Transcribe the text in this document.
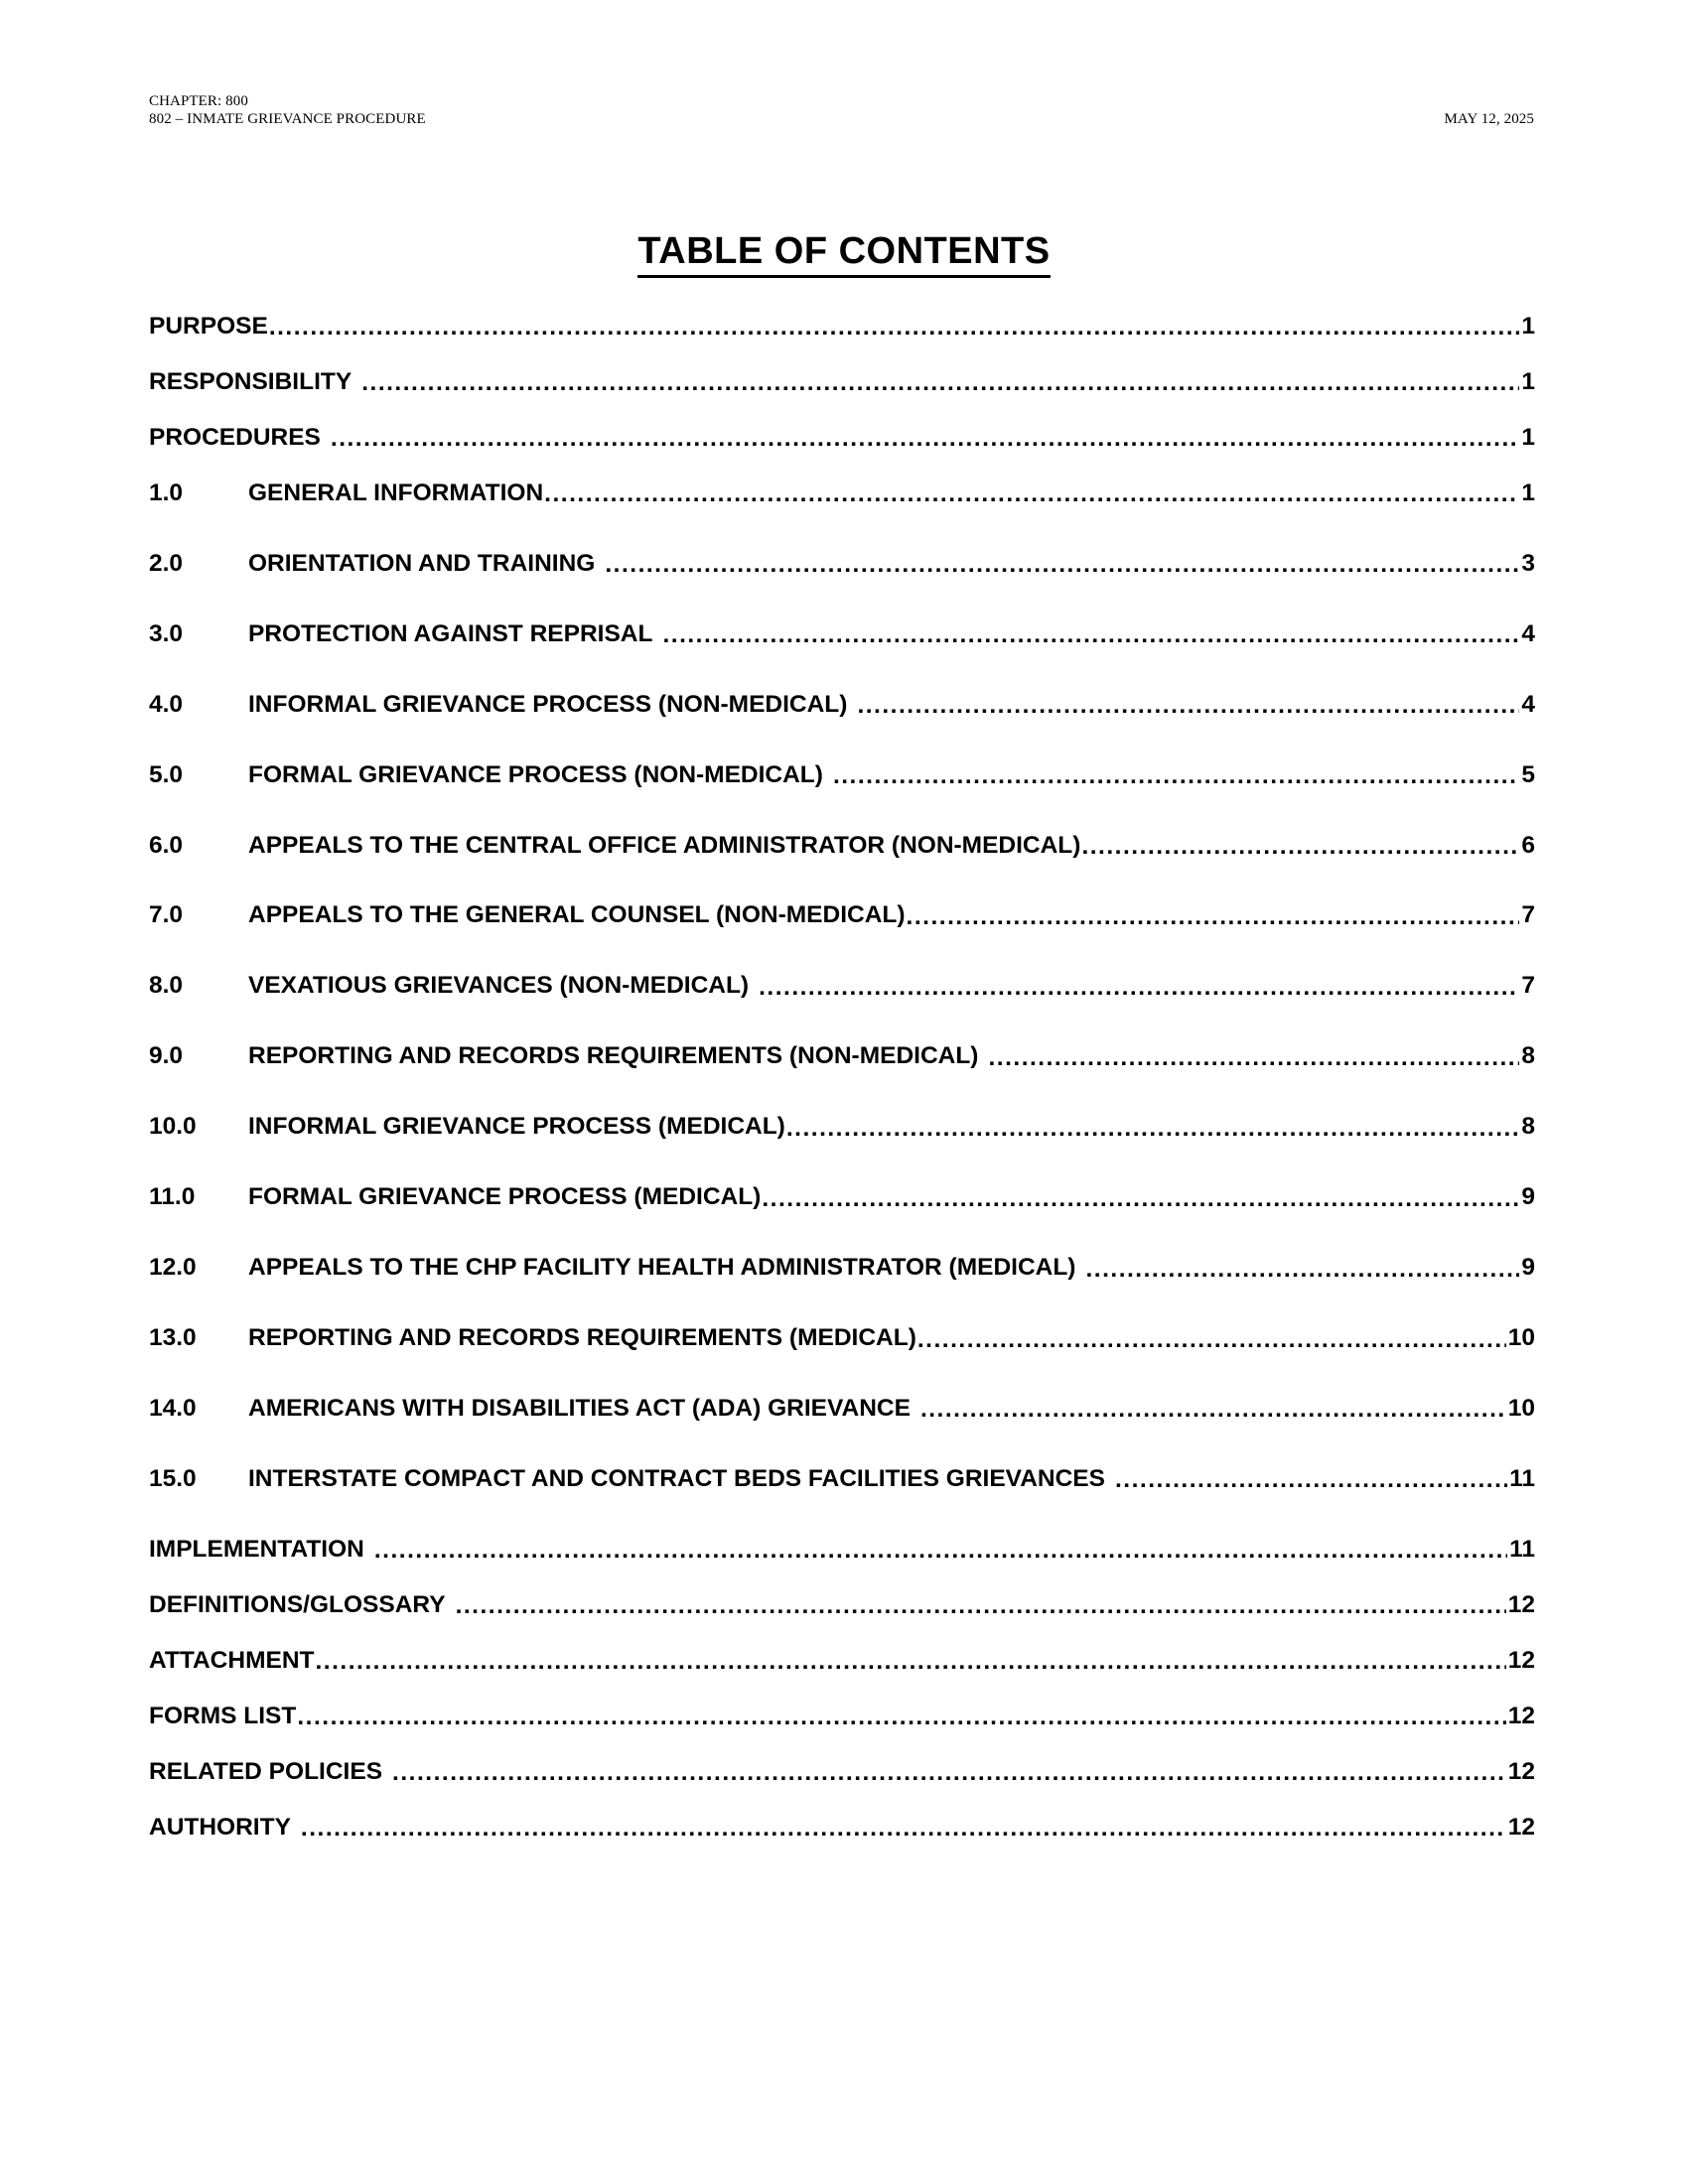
CHAPTER: 800
802 – INMATE GRIEVANCE PROCEDURE	MAY 12, 2025
TABLE OF CONTENTS
PURPOSE .....	1
RESPONSIBILITY .....	1
PROCEDURES .....	1
1.0	GENERAL INFORMATION .....	1
2.0	ORIENTATION AND TRAINING .....	3
3.0	PROTECTION AGAINST REPRISAL .....	4
4.0	INFORMAL GRIEVANCE PROCESS (NON-MEDICAL) .....	4
5.0	FORMAL GRIEVANCE PROCESS (NON-MEDICAL) .....	5
6.0	APPEALS TO THE CENTRAL OFFICE ADMINISTRATOR (NON-MEDICAL) .....	6
7.0	APPEALS TO THE GENERAL COUNSEL (NON-MEDICAL) .....	7
8.0	VEXATIOUS GRIEVANCES (NON-MEDICAL) .....	7
9.0	REPORTING AND RECORDS REQUIREMENTS (NON-MEDICAL) .....	8
10.0	INFORMAL GRIEVANCE PROCESS (MEDICAL) .....	8
11.0	FORMAL GRIEVANCE PROCESS (MEDICAL) .....	9
12.0	APPEALS TO THE CHP FACILITY HEALTH ADMINISTRATOR (MEDICAL) .....	9
13.0	REPORTING AND RECORDS REQUIREMENTS (MEDICAL) .....	10
14.0	AMERICANS WITH DISABILITIES ACT (ADA) GRIEVANCE .....	10
15.0	INTERSTATE COMPACT AND CONTRACT BEDS FACILITIES GRIEVANCES .....	11
IMPLEMENTATION .....	11
DEFINITIONS/GLOSSARY .....	12
ATTACHMENT .....	12
FORMS LIST .....	12
RELATED POLICIES .....	12
AUTHORITY .....	12
